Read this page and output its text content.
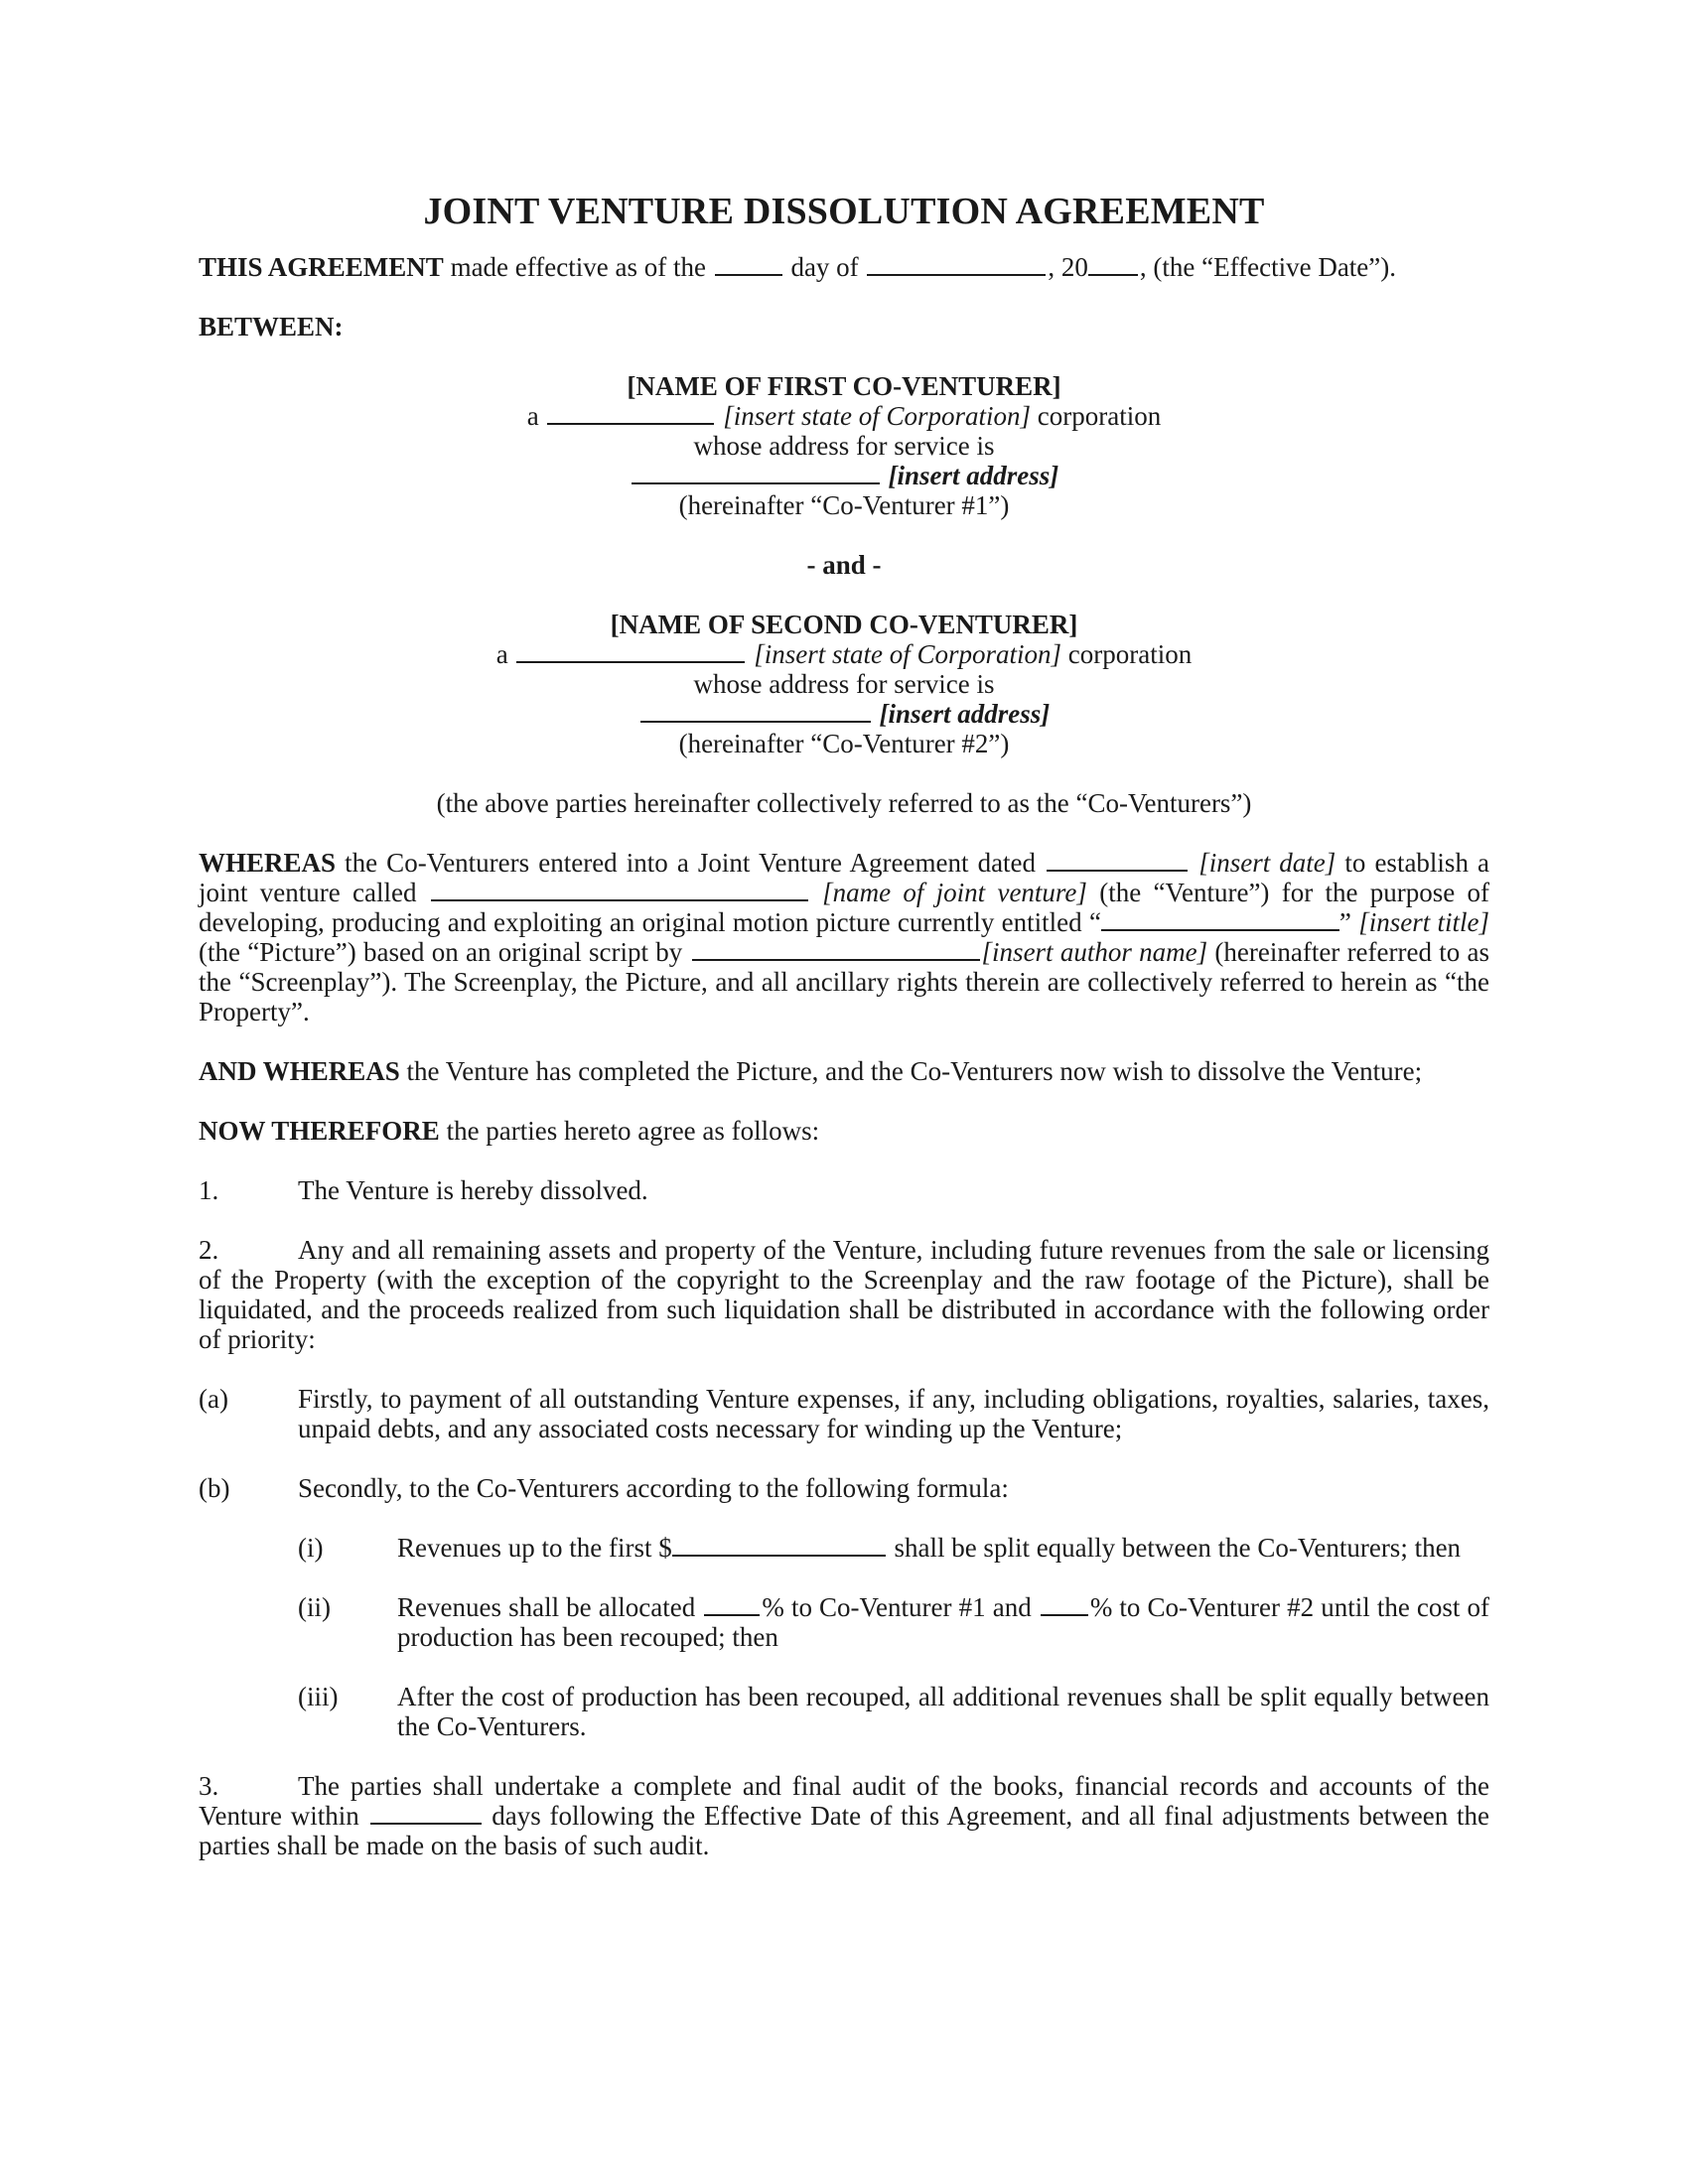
JOINT VENTURE DISSOLUTION AGREEMENT

THIS AGREEMENT made effective as of the	day of	, 20 , (the “Effective Date”).

BETWEEN:

[NAME OF FIRST CO-VENTURER]
a	[insert state of Corporation] corporation
whose address for service is
[insert address]
(hereinafter “Co-Venturer #1”)
- and -
[NAME OF SECOND CO-VENTURER]
a	[insert state of Corporation] corporation
whose address for service is
[insert address]
(hereinafter “Co-Venturer #2”)

(the above parties hereinafter collectively referred to as the “Co-Venturers”)

WHEREAS the Co-Venturers entered into a Joint Venture Agreement dated	[insert date] to establish a joint venture called	[name of joint venture] (the “Venture”) for the purpose of developing, producing and exploiting an original motion picture currently entitled “	” [insert title] (the “Picture”) based on an original script by	[insert author name] (hereinafter referred to as the “Screenplay”). The Screenplay, the Picture, and all ancillary rights therein are collectively referred to herein as “the Property”.

AND WHEREAS the Venture has completed the Picture, and the Co-Venturers now wish to dissolve the Venture;

NOW THEREFORE the parties hereto agree as follows:

1.	The Venture is hereby dissolved.

2.	Any and all remaining assets and property of the Venture, including future revenues from the sale or licensing of the Property (with the exception of the copyright to the Screenplay and the raw footage of the Picture), shall be liquidated, and the proceeds realized from such liquidation shall be distributed in accordance with the following order of priority:

(a)	Firstly, to payment of all outstanding Venture expenses, if any, including obligations, royalties, salaries, taxes, unpaid debts, and any associated costs necessary for winding up the Venture;
(b)	Secondly, to the Co-Venturers according to the following formula:
(i)	Revenues up to the first $	shall be split equally between the Co-Venturers; then
(ii)	Revenues shall be allocated % to Co-Venturer #1 and % to Co-Venturer #2 until the cost of production has been recouped; then
(iii)	After the cost of production has been recouped, all additional revenues shall be split equally between the Co-Venturers.

3.	The parties shall undertake a complete and final audit of the books, financial records and accounts of the Venture within	days following the Effective Date of this Agreement, and all final adjustments between the parties shall be made on the basis of such audit.
